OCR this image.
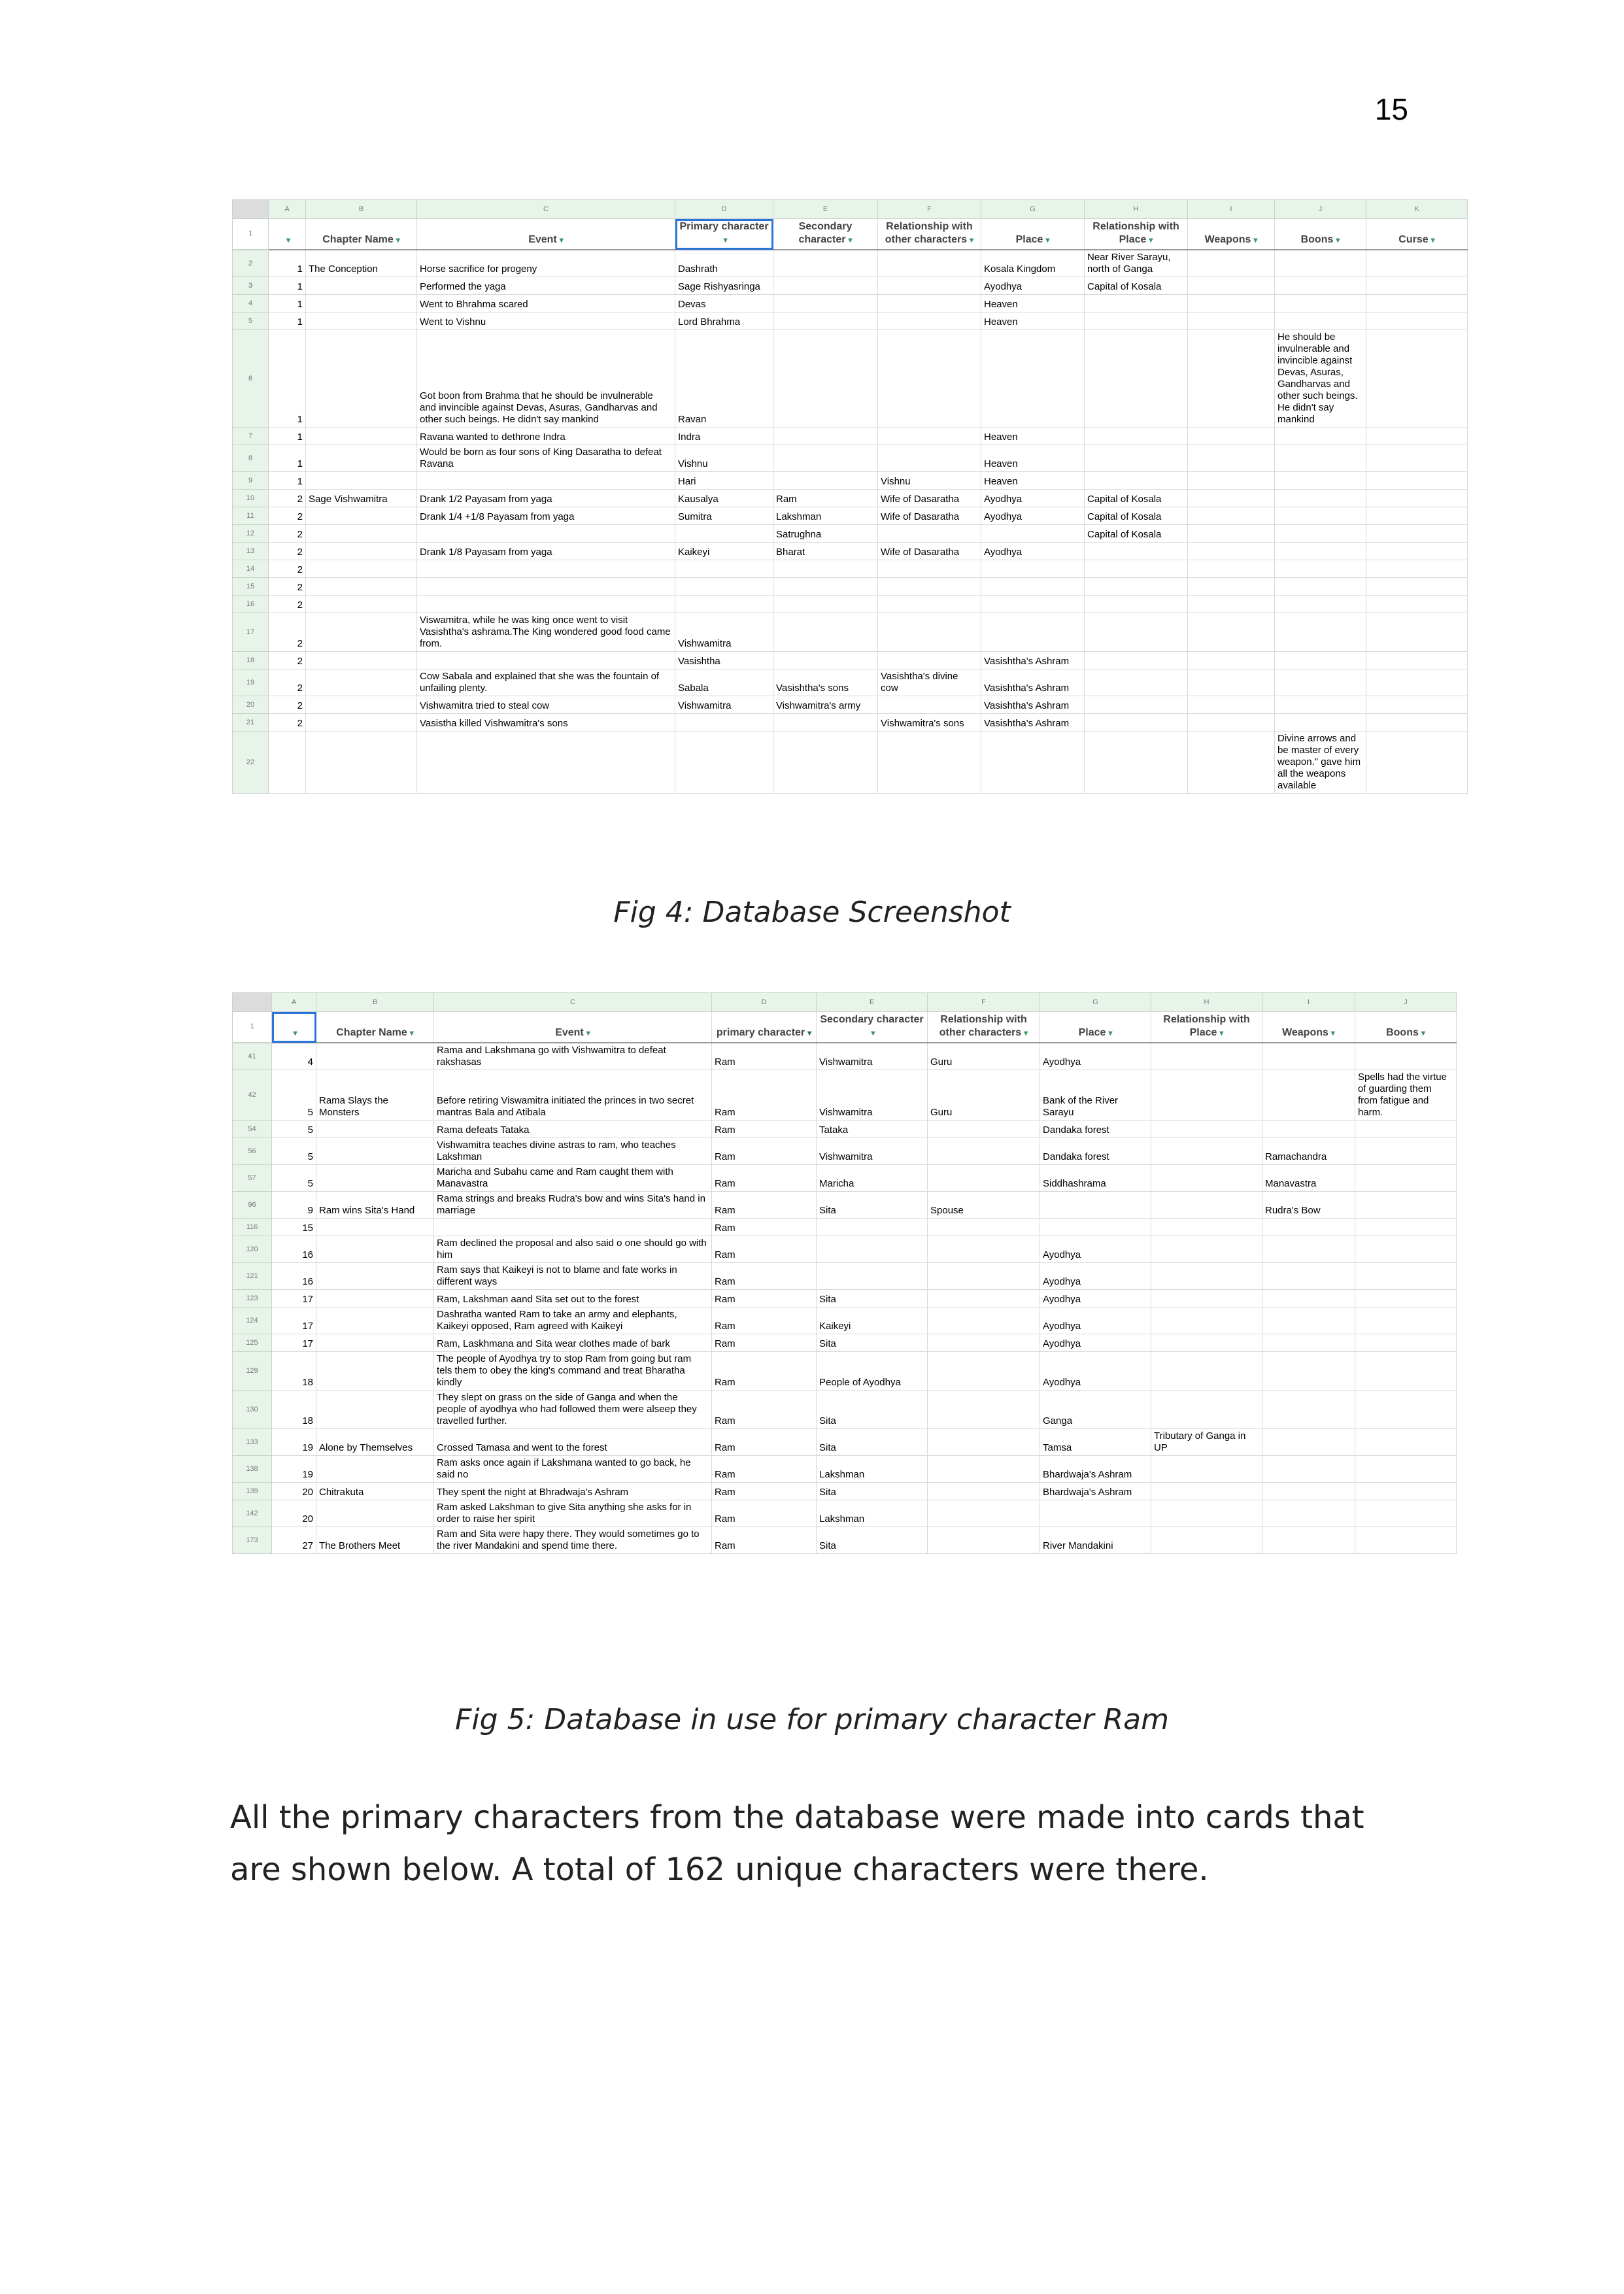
15
	A	B	C	D	E	F	G	H	I	J	K
1	▾	Chapter Name ▾	Event ▾	Primary character▾	Secondary character ▾	Relationship with other characters ▾	Place ▾	Relationship with Place ▾	Weapons ▾	Boons ▾	Curse ▾
2	1	The Conception	Horse sacrifice for progeny	Dashrath			Kosala Kingdom	Near River Sarayu, north of Ganga			
3	1		Performed the yaga	Sage Rishyasringa			Ayodhya	Capital of Kosala			
4	1		Went to Bhrahma scared	Devas			Heaven				
5	1		Went to Vishnu	Lord Bhrahma			Heaven				
6	1		Got boon from Brahma that he should be invulnerable and invincible against Devas, Asuras, Gandharvas and other such beings. He didn't say mankind	Ravan						He should be invulnerable and invincible against Devas, Asuras, Gandharvas and other such beings. He didn't say mankind	
7	1		Ravana wanted to dethrone Indra	Indra			Heaven				
8	1		Would be born as four sons of King Dasaratha to defeat Ravana	Vishnu			Heaven				
9	1			Hari		Vishnu	Heaven				
10	2	Sage Vishwamitra	Drank 1/2 Payasam from yaga	Kausalya	Ram	Wife of Dasaratha	Ayodhya	Capital of Kosala			
11	2		Drank 1/4 +1/8 Payasam from yaga	Sumitra	Lakshman	Wife of Dasaratha	Ayodhya	Capital of Kosala			
12	2				Satrughna			Capital of Kosala			
13	2		Drank 1/8 Payasam from yaga	Kaikeyi	Bharat	Wife of Dasaratha	Ayodhya				
14	2										
15	2										
16	2										
17	2		Viswamitra, while he was king once went to visit Vasishtha's ashrama.The King wondered good food came from.	Vishwamitra							
18	2			Vasishtha			Vasishtha's Ashram				
19	2		Cow Sabala and explained that she was the fountain of unfailing plenty.	Sabala	Vasishtha's sons	Vasishtha's divine cow	Vasishtha's Ashram				
20	2		Vishwamitra tried to steal cow	Vishwamitra	Vishwamitra's army		Vasishtha's Ashram				
21	2		Vasistha killed Vishwamitra's sons			Vishwamitra's sons	Vasishtha's Ashram				
22										Divine arrows and be master of every weapon." gave him all the weapons available	
Fig 4: Database Screenshot
	A	B	C	D	E	F	G	H	I	J
1	▾	Chapter Name ▾	Event ▾	primary character ▾	Secondary character▾	Relationship with other characters ▾	Place ▾	Relationship with Place ▾	Weapons ▾	Boons ▾
41	4		Rama and Lakshmana go with Vishwamitra to defeat rakshasas	Ram	Vishwamitra	Guru	Ayodhya			
42	5	Rama Slays the Monsters	Before retiring Viswamitra initiated the princes in two secret mantras Bala and Atibala	Ram	Vishwamitra	Guru	Bank of the River Sarayu			Spells had the virtue of guarding them from fatigue and harm.
54	5		Rama defeats Tataka	Ram	Tataka		Dandaka forest			
56	5		Vishwamitra teaches divine astras to ram, who teaches Lakshman	Ram	Vishwamitra		Dandaka forest		Ramachandra	
57	5		Maricha and Subahu came and Ram caught them with Manavastra	Ram	Maricha		Siddhashrama		Manavastra	
96	9	Ram wins Sita's Hand	Rama strings and breaks Rudra's bow and wins Sita's hand in marriage	Ram	Sita	Spouse			Rudra's Bow	
116	15			Ram						
120	16		Ram declined the proposal and also said o one should go with him	Ram			Ayodhya			
121	16		Ram says that Kaikeyi is not to blame and fate works in different ways	Ram			Ayodhya			
123	17		Ram, Lakshman aand Sita set out to the forest	Ram	Sita		Ayodhya			
124	17		Dashratha wanted Ram to take an army and elephants, Kaikeyi opposed, Ram agreed with Kaikeyi	Ram	Kaikeyi		Ayodhya			
125	17		Ram, Laskhmana and Sita wear clothes made of bark	Ram	Sita		Ayodhya			
129	18		The people of Ayodhya try to stop Ram from going but ram tels them to obey the king's command and treat Bharatha kindly	Ram	People of Ayodhya		Ayodhya			
130	18		They slept on grass on the side of Ganga and when the people of ayodhya who had followed them were alseep they travelled further.	Ram	Sita		Ganga			
133	19	Alone by Themselves	Crossed Tamasa and went to the forest	Ram	Sita		Tamsa	Tributary of Ganga in UP		
138	19		Ram asks once again if Lakshmana wanted to go back, he said no	Ram	Lakshman		Bhardwaja's Ashram			
139	20	Chitrakuta	They spent the night at Bhradwaja's Ashram	Ram	Sita		Bhardwaja's Ashram			
142	20		Ram asked Lakshman to give Sita anything she asks for in order to raise her spirit	Ram	Lakshman					
173	27	The Brothers Meet	Ram and Sita were hapy there. They would sometimes go to the river Mandakini and spend time there.	Ram	Sita		River Mandakini			
Fig 5: Database in use for primary character Ram
All the primary characters from the database were made into cards that are shown below. A total of 162 unique characters were there.
